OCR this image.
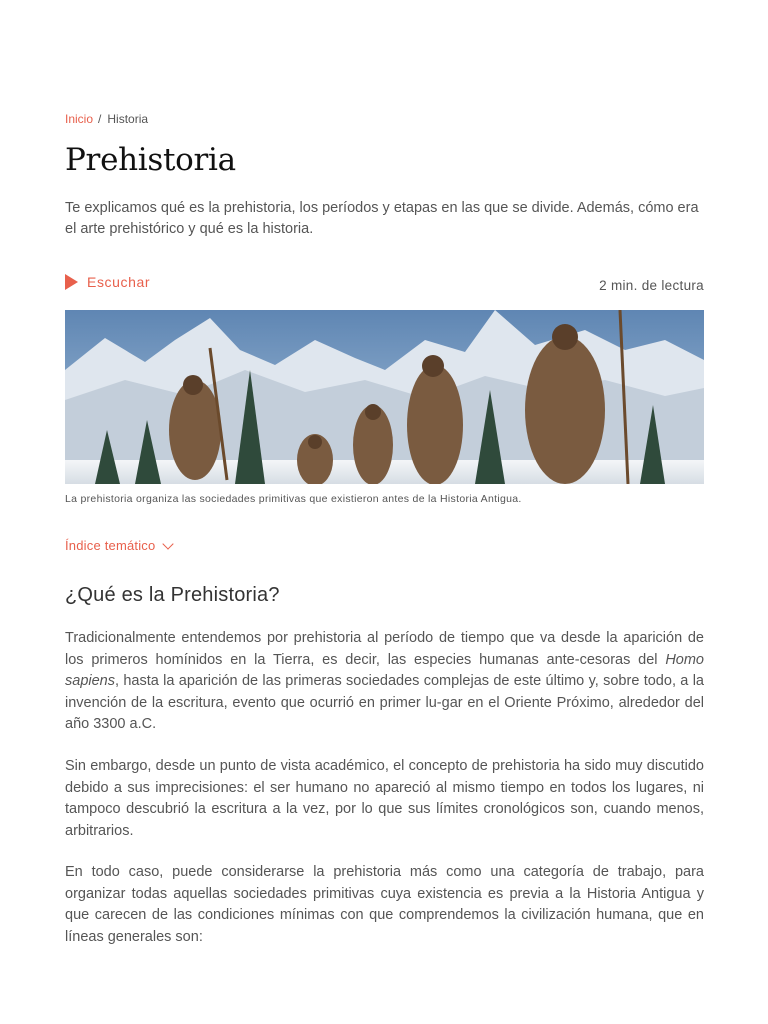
Inicio / Historia
Prehistoria

Te explicamos qué es la prehistoria, los períodos y etapas en las que se divide. Además, cómo era el arte prehistórico y qué es la historia.

Escuchar	2 min. de lectura

La prehistoria organiza las sociedades primitivas que existieron antes de la Historia Antigua.

Índice temático
¿Qué es la Prehistoria?

Tradicionalmente entendemos por prehistoria al período de tiempo que va desde la aparición de los primeros homínidos en la Tierra, es decir, las especies humanas ante-cesoras del Homo sapiens, hasta la aparición de las primeras sociedades complejas de este último y, sobre todo, a la invención de la escritura, evento que ocurrió en primer lu-gar en el Oriente Próximo, alrededor del año 3300 a.C.

Sin embargo, desde un punto de vista académico, el concepto de prehistoria ha sido muy discutido debido a sus imprecisiones: el ser humano no apareció al mismo tiempo en todos los lugares, ni tampoco descubrió la escritura a la vez, por lo que sus límites cronológicos son, cuando menos, arbitrarios.

En todo caso, puede considerarse la prehistoria más como una categoría de trabajo, para organizar todas aquellas sociedades primitivas cuya existencia es previa a la Historia Antigua y que carecen de las condiciones mínimas con que comprendemos la civilización humana, que en líneas generales son:
